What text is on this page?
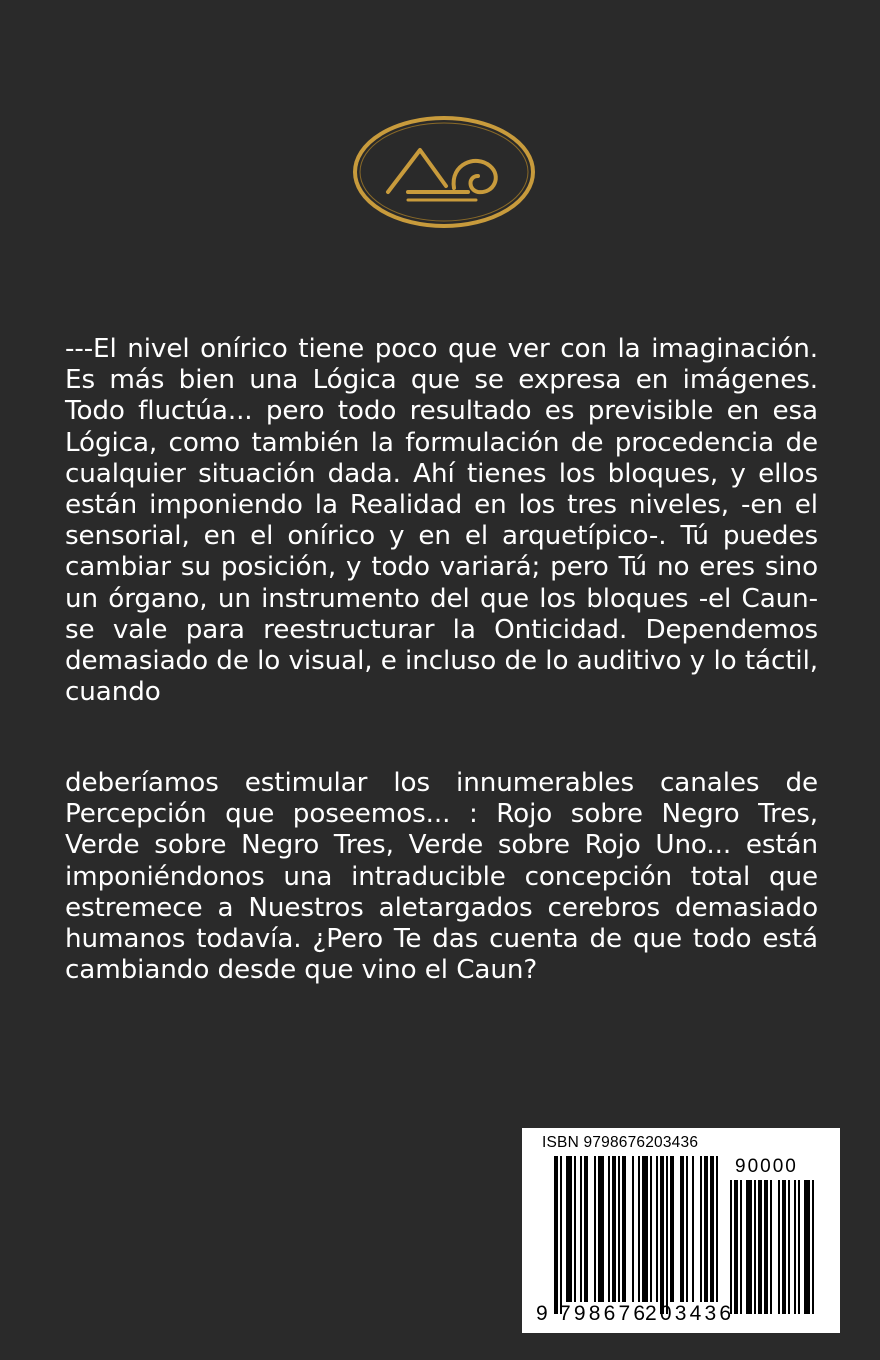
---El nivel onírico tiene poco que ver con la imaginación. Es más bien una Lógica que se expresa en imágenes. Todo fluctúa... pero todo resultado es previsible en esa Lógica, como también la formulación de procedencia de cualquier situación dada. Ahí tienes los bloques, y ellos están imponiendo la Realidad en los tres niveles, -en el sensorial, en el onírico y en el arquetípico-. Tú puedes cambiar su posición, y todo variará; pero Tú no eres sino un órgano, un instrumento del que los bloques -el Caun- se vale para reestructurar la Onticidad. Dependemos demasiado de lo visual, e incluso de lo auditivo y lo táctil, cuando

deberíamos estimular los innumerables canales de Percepción que poseemos... : Rojo sobre Negro Tres, Verde sobre Negro Tres, Verde sobre Rojo Uno... están imponiéndonos una intraducible concepción total que estremece a Nuestros aletargados cerebros demasiado humanos todavía. ¿Pero Te das cuenta de que todo está cambiando desde que vino el Caun?

ISBN 9798676203436
90000
9 798676
203436
